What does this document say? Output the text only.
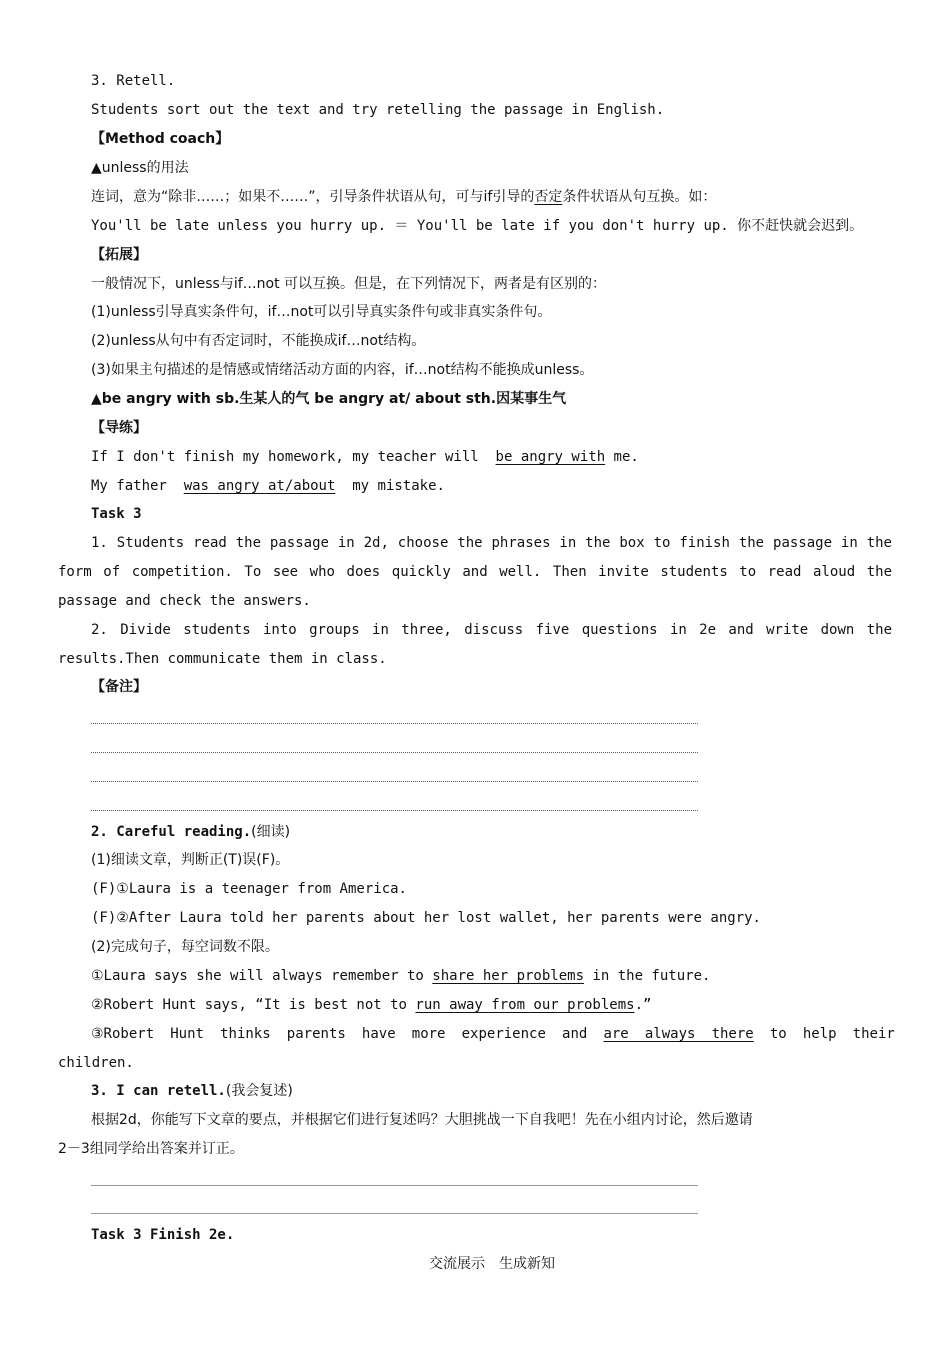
3. Retell.
Students sort out the text and try retelling the passage in English.
【Method coach】
▲unless的用法
连词，意为“除非……；如果不……”，引导条件状语从句，可与if引导的否定条件状语从句互换。如：
You'll be late unless you hurry up. ＝ You'll be late if you don't hurry up. 你不赶快就会迟到。
【拓展】
一般情况下，unless与if…not 可以互换。但是，在下列情况下，两者是有区别的：
(1)unless引导真实条件句，if…not可以引导真实条件句或非真实条件句。
(2)unless从句中有否定词时，不能换成if…not结构。
(3)如果主句描述的是情感或情绪活动方面的内容，if…not结构不能换成unless。
▲be angry with sb.生某人的气 be angry at/ about sth.因某事生气
【导练】
If I don't finish my homework, my teacher will be angry with me.
My father was angry at/about my mistake.
Task 3
1. Students read the passage in 2d, choose the phrases in the box to finish the passage in the
form of competition. To see who does quickly and well. Then invite students to read aloud the
passage and check the answers.
2. Divide students into groups in three, discuss five questions in 2e and write down the
results.Then communicate them in class.
【备注】
2. Careful reading.(细读)
(1)细读文章，判断正(T)误(F)。
(F)①Laura is a teenager from America.
(F)②After Laura told her parents about her lost wallet, her parents were angry.
(2)完成句子，每空词数不限。
①Laura says she will always remember to share her problems in the future.
②Robert Hunt says, “It is best not to run away from our problems.”
③Robert Hunt thinks parents have more experience and are always there to help their
children.
3. I can retell.(我会复述)
根据2d，你能写下文章的要点，并根据它们进行复述吗？大胆挑战一下自我吧！先在小组内讨论，然后邀请
2－3组同学给出答案并订正。
Task 3 Finish 2e.
交流展示　生成新知
